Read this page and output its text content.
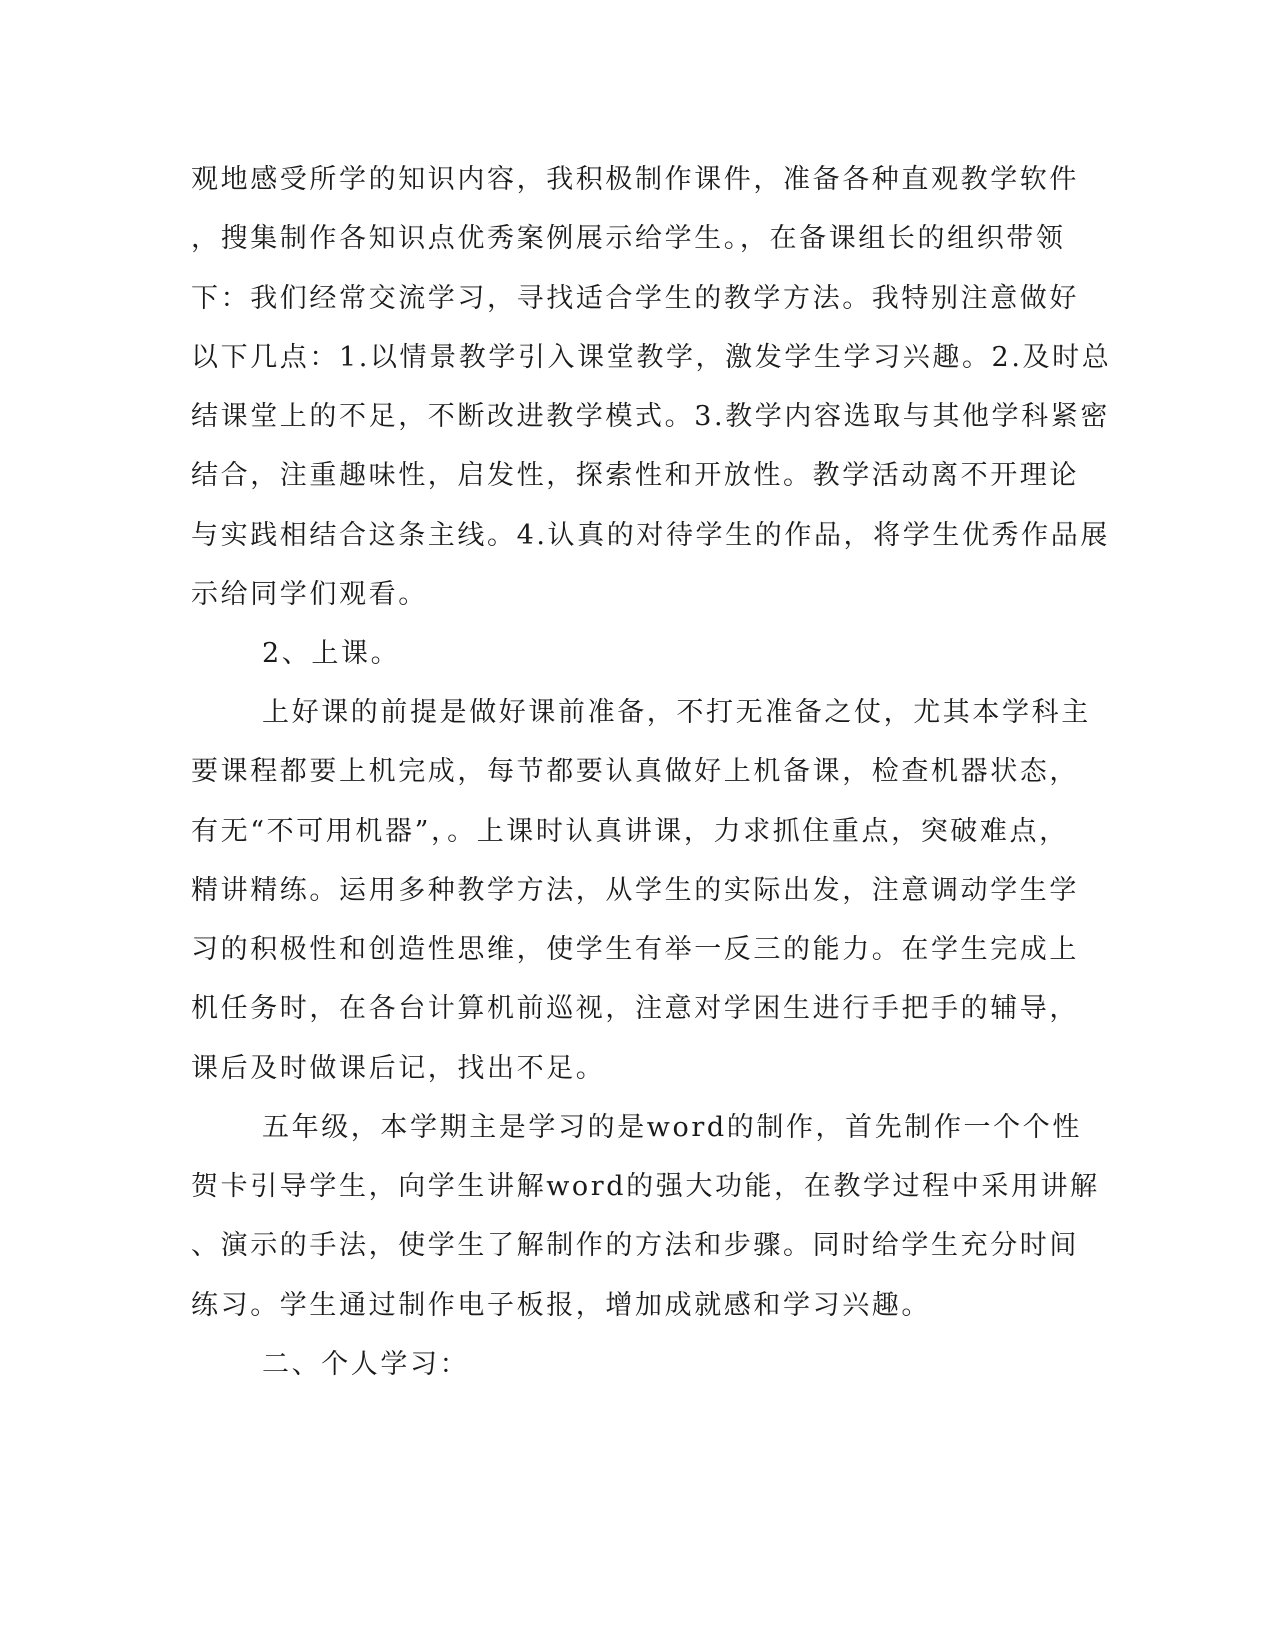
观地感受所学的知识内容，我积极制作课件，准备各种直观教学软件

，搜集制作各知识点优秀案例展示给学生。，在备课组长的组织带领

下：我们经常交流学习，寻找适合学生的教学方法。我特别注意做好

以下几点：1.以情景教学引入课堂教学，激发学生学习兴趣。2.及时总

结课堂上的不足，不断改进教学模式。3.教学内容选取与其他学科紧密

结合，注重趣味性，启发性，探索性和开放性。教学活动离不开理论

与实践相结合这条主线。4.认真的对待学生的作品，将学生优秀作品展

示给同学们观看。

2、上课。

上好课的前提是做好课前准备，不打无准备之仗，尤其本学科主

要课程都要上机完成，每节都要认真做好上机备课，检查机器状态，

有无“不可用机器”，。上课时认真讲课，力求抓住重点，突破难点，

精讲精练。运用多种教学方法，从学生的实际出发，注意调动学生学

习的积极性和创造性思维，使学生有举一反三的能力。在学生完成上

机任务时，在各台计算机前巡视，注意对学困生进行手把手的辅导，

课后及时做课后记，找出不足。

五年级，本学期主是学习的是word的制作，首先制作一个个性

贺卡引导学生，向学生讲解word的强大功能，在教学过程中采用讲解

、演示的手法，使学生了解制作的方法和步骤。同时给学生充分时间

练习。学生通过制作电子板报，增加成就感和学习兴趣。

二、个人学习：
